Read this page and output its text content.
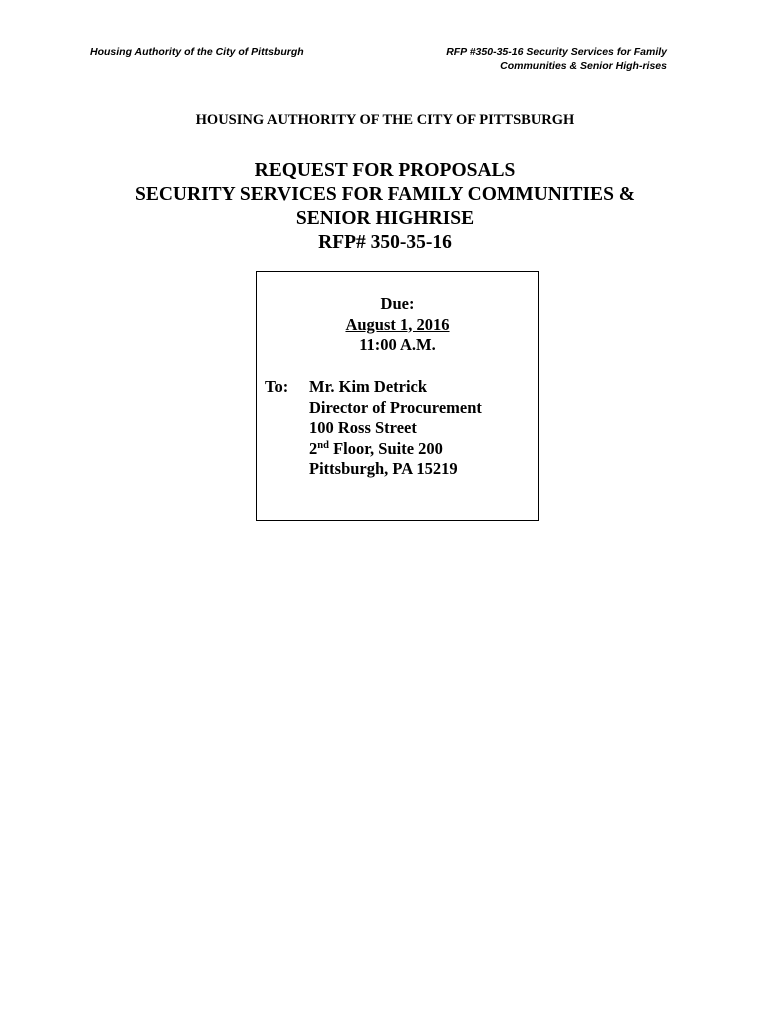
Housing Authority of the City of Pittsburgh	RFP #350-35-16 Security Services for Family
Communities & Senior High-rises
HOUSING AUTHORITY OF THE CITY OF PITTSBURGH
REQUEST FOR PROPOSALS
SECURITY SERVICES FOR FAMILY COMMUNITIES &
SENIOR HIGHRISE
RFP# 350-35-16
Due:
August 1, 2016
11:00 A.M.
To: Mr. Kim Detrick
Director of Procurement
100 Ross Street
2nd Floor, Suite 200
Pittsburgh, PA 15219
